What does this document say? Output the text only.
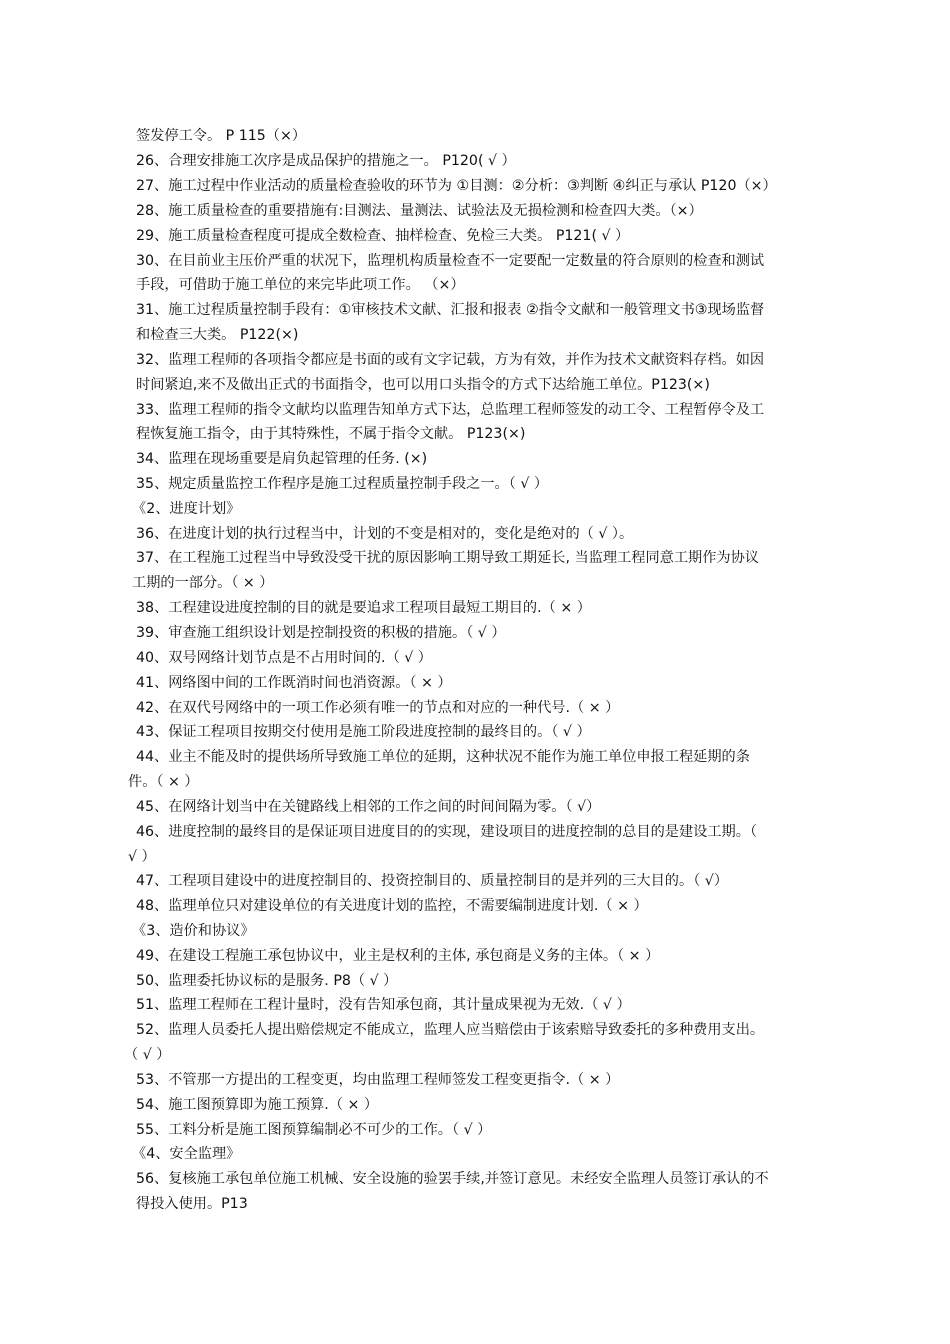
签发停工令。 P 115（×）
26、合理安排施工次序是成品保护的措施之一。 P120( √ ）
27、施工过程中作业活动的质量检查验收的环节为 ①目测：②分析：③判断 ④纠正与承认 P120（×）
28、施工质量检查的重要措施有:目测法、量测法、试验法及无损检测和检查四大类。（×）
29、施工质量检查程度可提成全数检查、抽样检查、免检三大类。 P121( √ ）
30、在目前业主压价严重的状况下，监理机构质量检查不一定要配一定数量的符合原则的检查和测试
手段，可借助于施工单位的来完毕此项工作。 （×）
31、施工过程质量控制手段有：①审核技术文献、汇报和报表 ②指令文献和一般管理文书③现场监督
和检查三大类。 P122(×)
32、监理工程师的各项指令都应是书面的或有文字记载，方为有效，并作为技术文献资料存档。如因
时间紧迫,来不及做出正式的书面指令，也可以用口头指令的方式下达给施工单位。P123(×)
33、监理工程师的指令文献均以监理告知单方式下达，总监理工程师签发的动工令、工程暂停令及工
程恢复施工指令，由于其特殊性，不属于指令文献。 P123(×)
34、监理在现场重要是肩负起管理的任务. (×)
35、规定质量监控工作程序是施工过程质量控制手段之一。（ √ ）
《2、进度计划》
36、在进度计划的执行过程当中，计划的不变是相对的，变化是绝对的（ √ ）。
37、在工程施工过程当中导致没受干扰的原因影响工期导致工期延长, 当监理工程同意工期作为协议
工期的一部分。（ × ）
38、工程建设进度控制的目的就是要追求工程项目最短工期目的.（ × ）
39、审查施工组织设计划是控制投资的积极的措施。（ √ ）
40、双号网络计划节点是不占用时间的.（ √ ）
41、网络图中间的工作既消时间也消资源。（ × ）
42、在双代号网络中的一项工作必须有唯一的节点和对应的一种代号.（ × ）
43、保证工程项目按期交付使用是施工阶段进度控制的最终目的。（ √ ）
44、业主不能及时的提供场所导致施工单位的延期，这种状况不能作为施工单位申报工程延期的条
件。（ × ）
45、在网络计划当中在关键路线上相邻的工作之间的时间间隔为零。（ √）
46、进度控制的最终目的是保证项目进度目的的实现，建设项目的进度控制的总目的是建设工期。（
√ ）
47、工程项目建设中的进度控制目的、投资控制目的、质量控制目的是并列的三大目的。（ √）
48、监理单位只对建设单位的有关进度计划的监控，不需要编制进度计划.（ × ）
《3、造价和协议》
49、在建设工程施工承包协议中，业主是权利的主体, 承包商是义务的主体。（ × ）
50、监理委托协议标的是服务. P8（ √ ）
51、监理工程师在工程计量时，没有告知承包商，其计量成果视为无效.（ √ ）
52、监理人员委托人提出赔偿规定不能成立，监理人应当赔偿由于该索赔导致委托的多种费用支出。
（ √ ）
53、不管那一方提出的工程变更，均由监理工程师签发工程变更指令.（ × ）
54、施工图预算即为施工预算.（ × ）
55、工料分析是施工图预算编制必不可少的工作。（ √ ）
《4、安全监理》
56、复核施工承包单位施工机械、安全设施的验罢手续,并签订意见。未经安全监理人员签订承认的不
得投入使用。P13
